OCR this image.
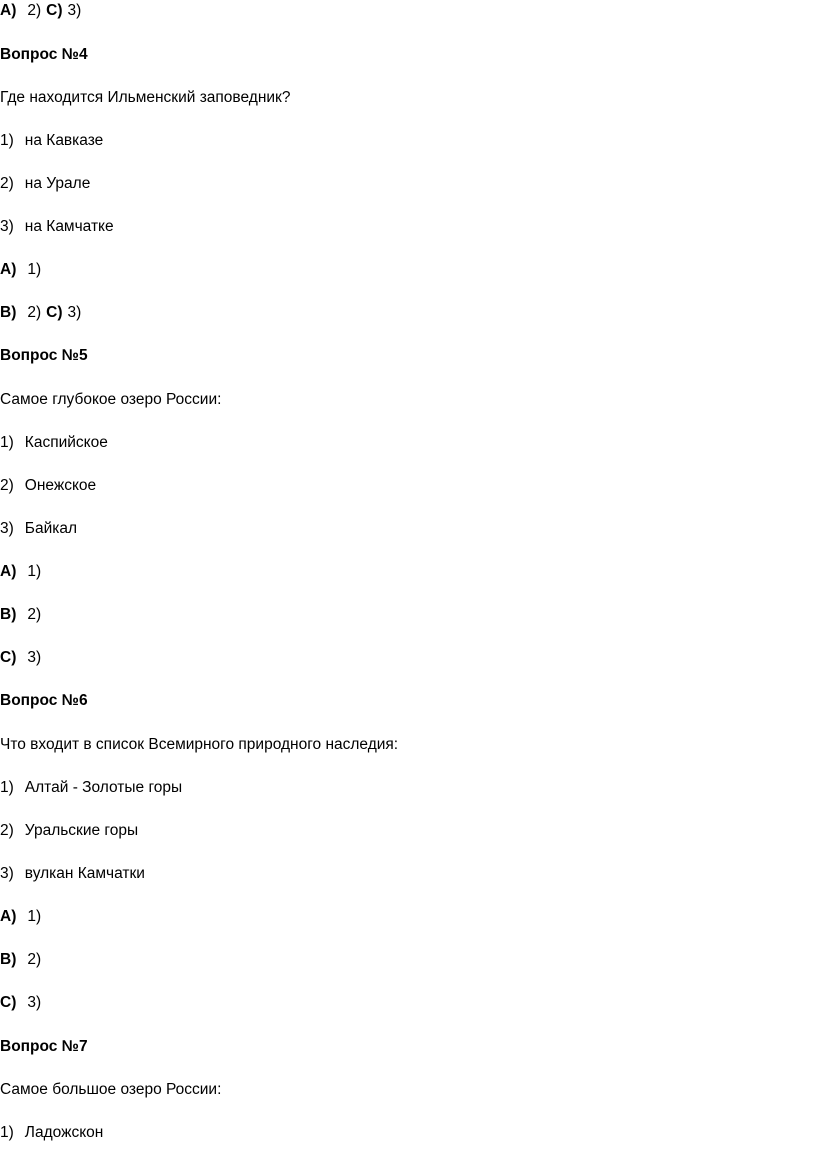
А) 2) С) 3)
Вопрос №4
Где находится Ильменский заповедник?
1) на Кавказе
2) на Урале
3) на Камчатке
А) 1)
В) 2) С) 3)
Вопрос №5
Самое глубокое озеро России:
1) Каспийское
2) Онежское
3) Байкал
А) 1)
В) 2)
С) 3)
Вопрос №6
Что входит в список Всемирного природного наследия:
1) Алтай - Золотые горы
2) Уральские горы
3) вулкан Камчатки
А) 1)
В) 2)
С) 3)
Вопрос №7
Самое большое озеро России:
1) Ладожскон
